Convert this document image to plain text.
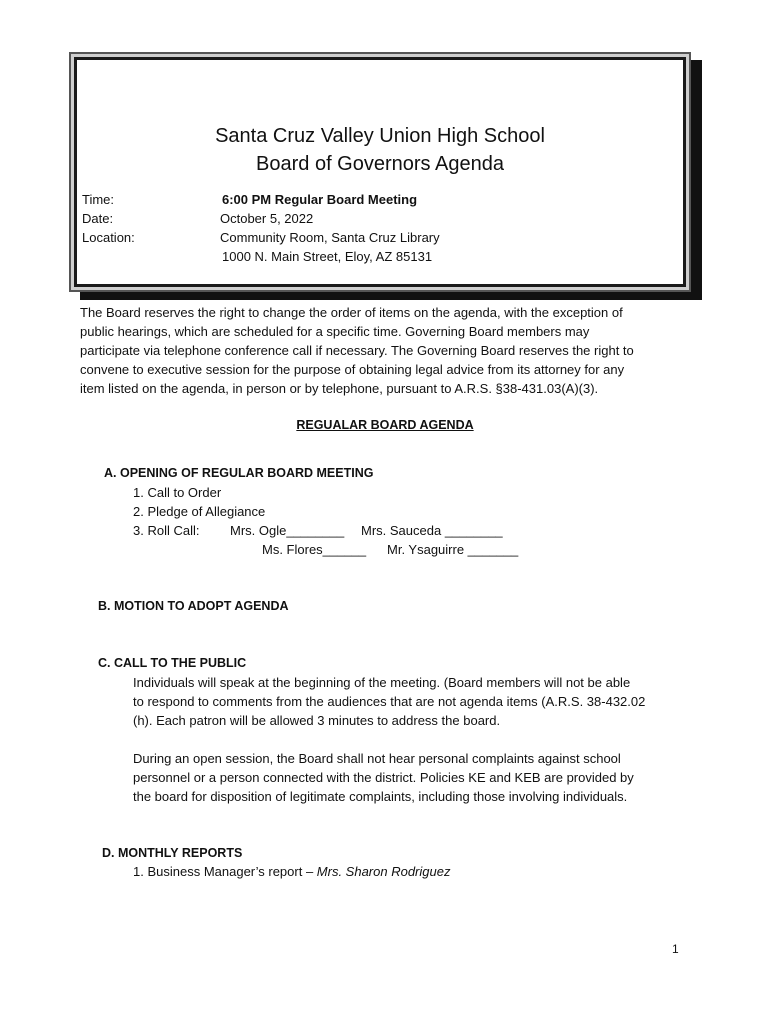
Santa Cruz Valley Union High School
Board of Governors Agenda
Time:	6:00 PM Regular Board Meeting
Date:	October 5, 2022
Location:	Community Room, Santa Cruz Library
1000 N. Main Street, Eloy, AZ 85131
The Board reserves the right to change the order of items on the agenda, with the exception of
public hearings, which are scheduled for a specific time. Governing Board members may
participate via telephone conference call if necessary. The Governing Board reserves the right to
convene to executive session for the purpose of obtaining legal advice from its attorney for any
item listed on the agenda, in person or by telephone, pursuant to A.R.S. §38-431.03(A)(3).
REGUALAR BOARD AGENDA
A. OPENING OF REGULAR BOARD MEETING
1. Call to Order
2. Pledge of Allegiance
3. Roll Call: Mrs. Ogle________ Mrs. Sauceda ________
Ms. Flores______ Mr. Ysaguirre _______
B. MOTION TO ADOPT AGENDA
C. CALL TO THE PUBLIC
Individuals will speak at the beginning of the meeting. (Board members will not be able
to respond to comments from the audiences that are not agenda items (A.R.S. 38-432.02
(h). Each patron will be allowed 3 minutes to address the board.
During an open session, the Board shall not hear personal complaints against school
personnel or a person connected with the district. Policies KE and KEB are provided by
the board for disposition of legitimate complaints, including those involving individuals.
D. MONTHLY REPORTS
1. Business Manager’s report – Mrs. Sharon Rodriguez
1
